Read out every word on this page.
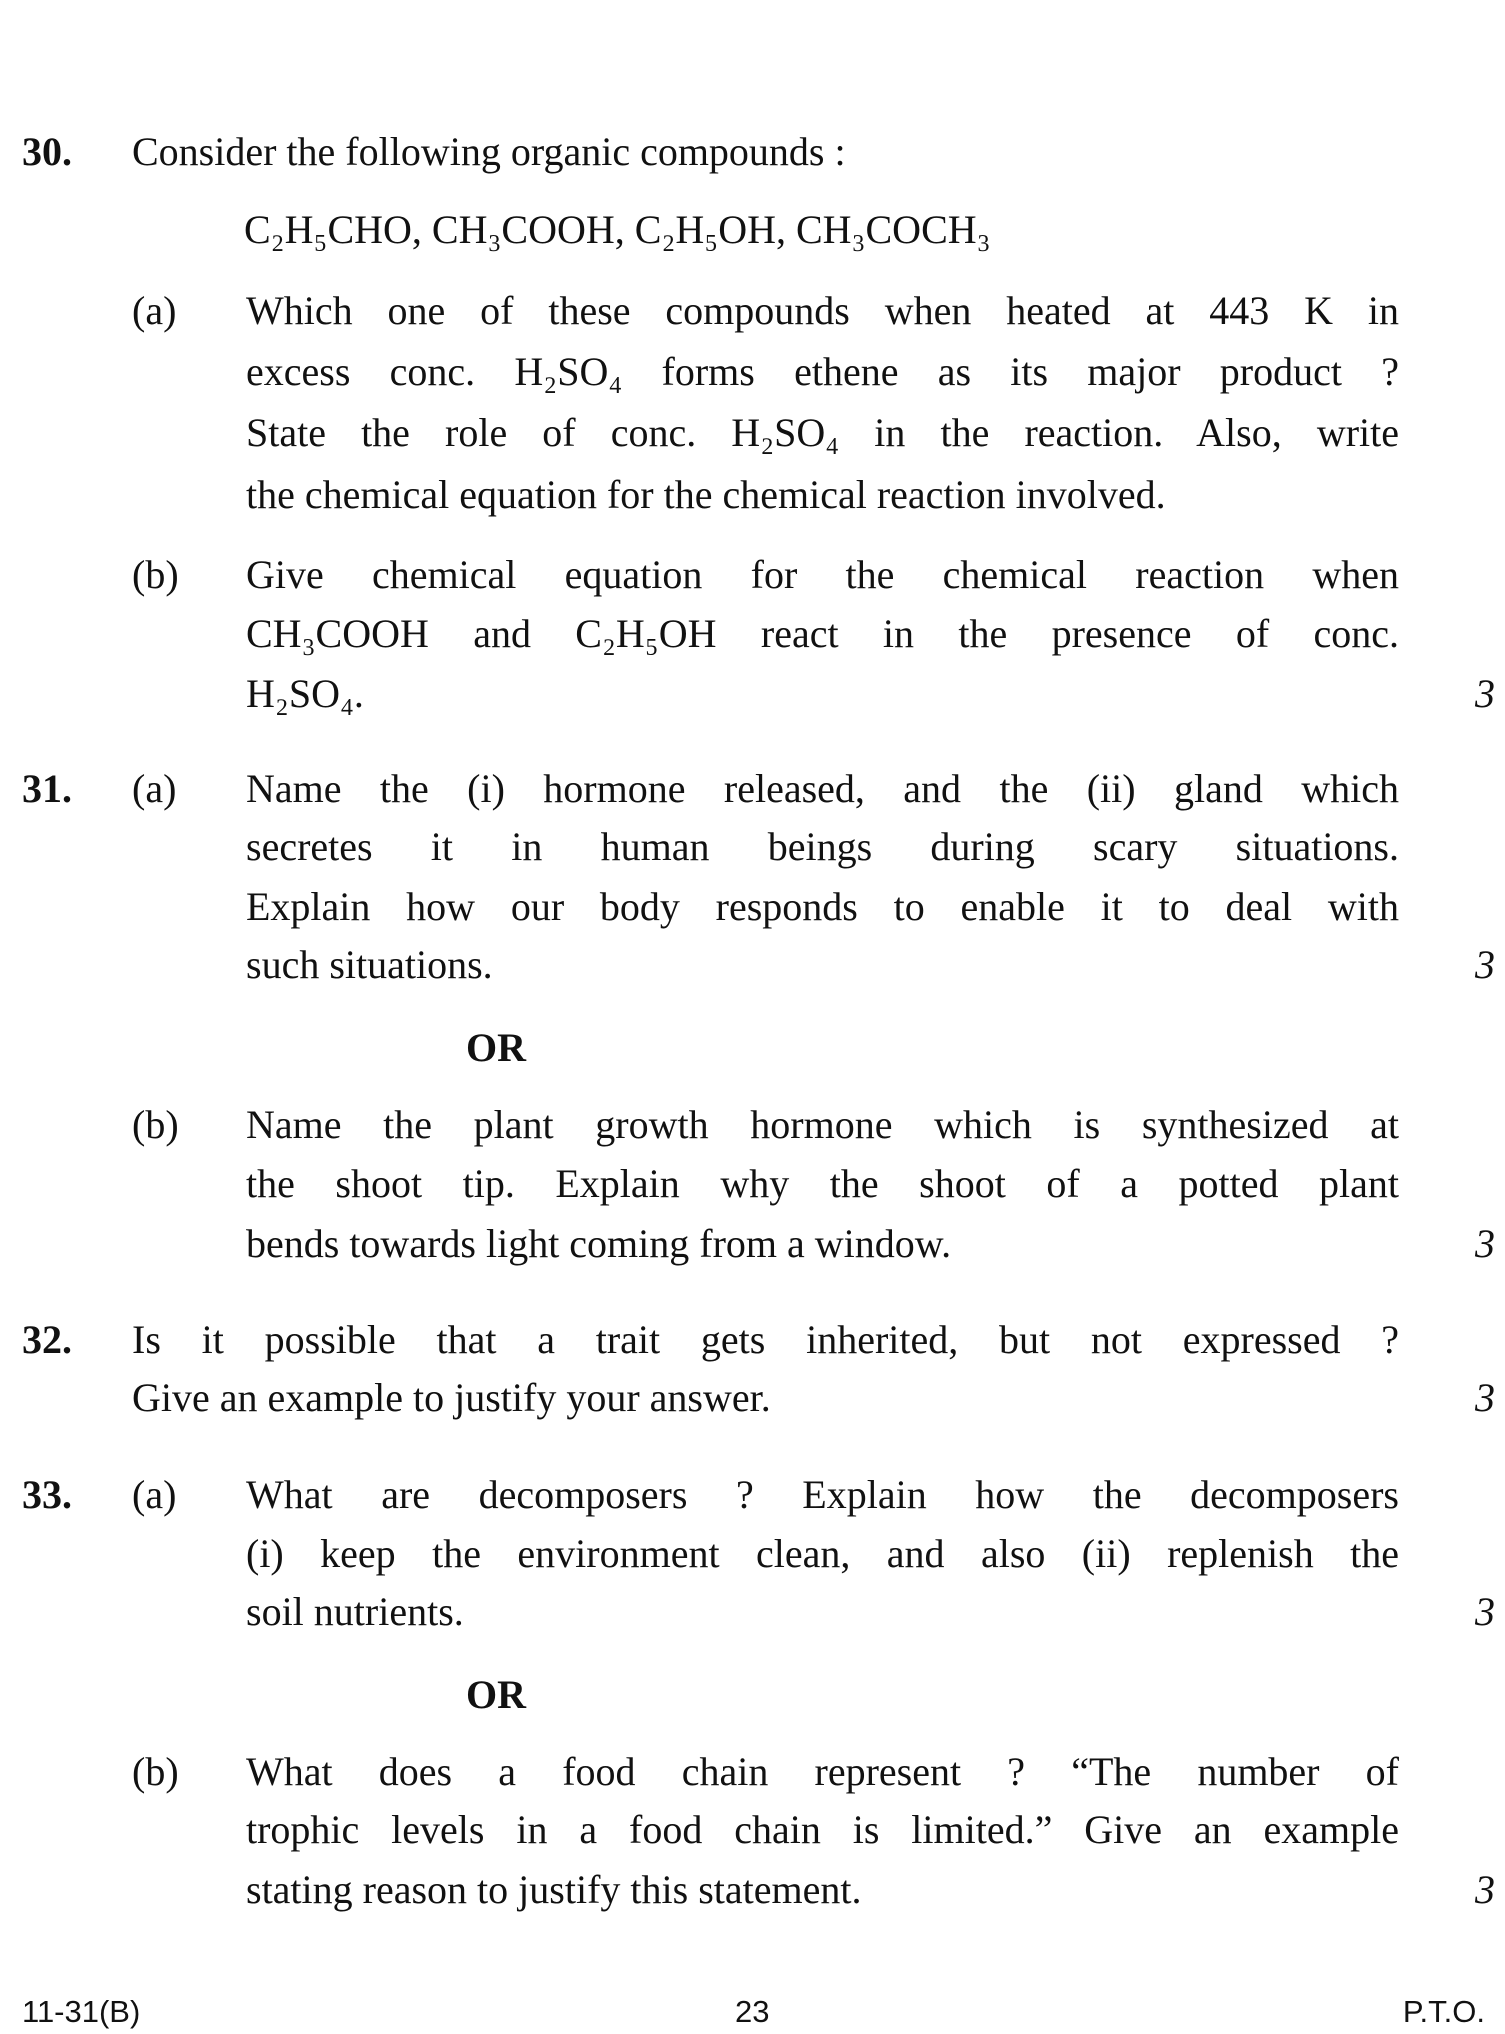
30. Consider the following organic compounds :
C₂H₅CHO, CH₃COOH, C₂H₅OH, CH₃COCH₃
(a) Which one of these compounds when heated at 443 K in
excess conc. H₂SO₄ forms ethene as its major product ?
State the role of conc. H₂SO₄ in the reaction. Also, write
the chemical equation for the chemical reaction involved.
(b) Give chemical equation for the chemical reaction when
CH₃COOH and C₂H₅OH react in the presence of conc.
H₂SO₄.	3
31. (a) Name the (i) hormone released, and the (ii) gland which
secretes it in human beings during scary situations.
Explain how our body responds to enable it to deal with
such situations.	3
OR
(b) Name the plant growth hormone which is synthesized at
the shoot tip. Explain why the shoot of a potted plant
bends towards light coming from a window.	3
32. Is it possible that a trait gets inherited, but not expressed ?
Give an example to justify your answer.	3
33. (a) What are decomposers ? Explain how the decomposers
(i) keep the environment clean, and also (ii) replenish the
soil nutrients.	3
OR
(b) What does a food chain represent ? “The number of
trophic levels in a food chain is limited.” Give an example
stating reason to justify this statement.	3
11-31(B)	23	P.T.O.
